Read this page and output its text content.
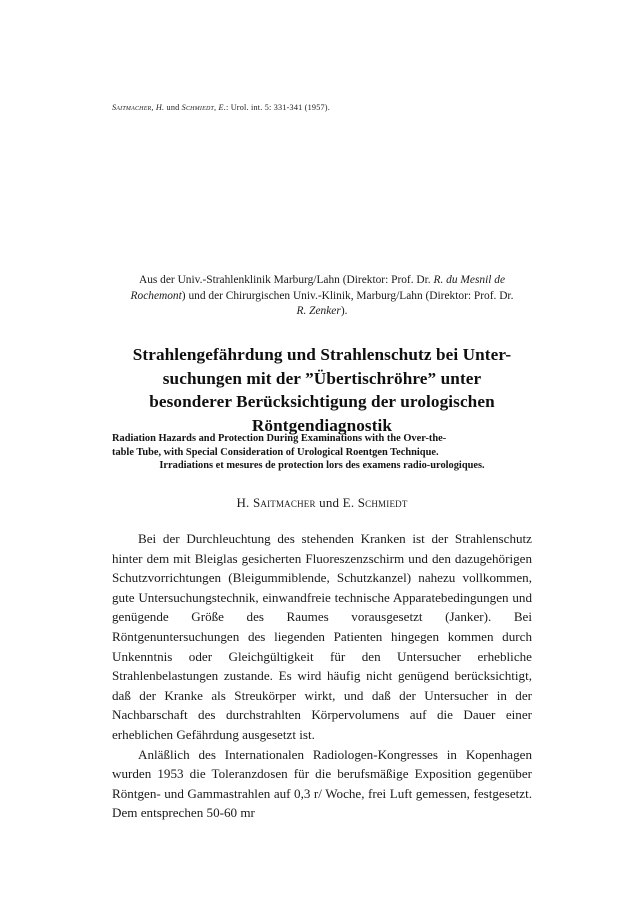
Saitmacher, H. und Schmiedt, E.: Urol. int. 5: 331-341 (1957).
Aus der Univ.-Strahlenklinik Marburg/Lahn (Direktor: Prof. Dr. R. du Mesnil de
Rochemont) und der Chirurgischen Univ.-Klinik, Marburg/Lahn (Direktor: Prof. Dr.
R. Zenker).
Strahlengefährdung und Strahlenschutz bei Unter-
suchungen mit der ”Übertischröhre” unter
besonderer Berücksichtigung der urologischen
Röntgendiagnostik
Radiation Hazards and Protection During Examinations with the Over-the-
table Tube, with Special Consideration of Urological Roentgen Technique.
Irradiations et mesures de protection lors des examens radio-urologiques.
H. Saitmacher und E. Schmiedt

Bei der Durchleuchtung des stehenden Kranken ist der Strahlenschutz hinter dem mit Bleiglas gesicherten Fluoreszenzschirm und den dazugehörigen Schutzvorrichtungen (Bleigummiblende, Schutzkanzel) nahezu vollkommen, gute Untersuchungstechnik, einwandfreie technische Apparatebedingungen und genügende Größe des Raumes vorausgesetzt (Janker). Bei Röntgenuntersuchungen des liegenden Patienten hingegen kommen durch Unkenntnis oder Gleichgültigkeit für den Untersucher erhebliche Strahlenbelastungen zustande. Es wird häufig nicht genügend berücksichtigt, daß der Kranke als Streukörper wirkt, und daß der Untersucher in der Nachbarschaft des durchstrahlten Körpervolumens auf die Dauer einer erheblichen Gefährdung ausgesetzt ist.

Anläßlich des Internationalen Radiologen-Kongresses in Kopenhagen wurden 1953 die Toleranzdosen für die berufsmäßige Exposition gegenüber Röntgen- und Gammastrahlen auf 0,3 r/ Woche, frei Luft gemessen, festgesetzt. Dem entsprechen 50-60 mr
